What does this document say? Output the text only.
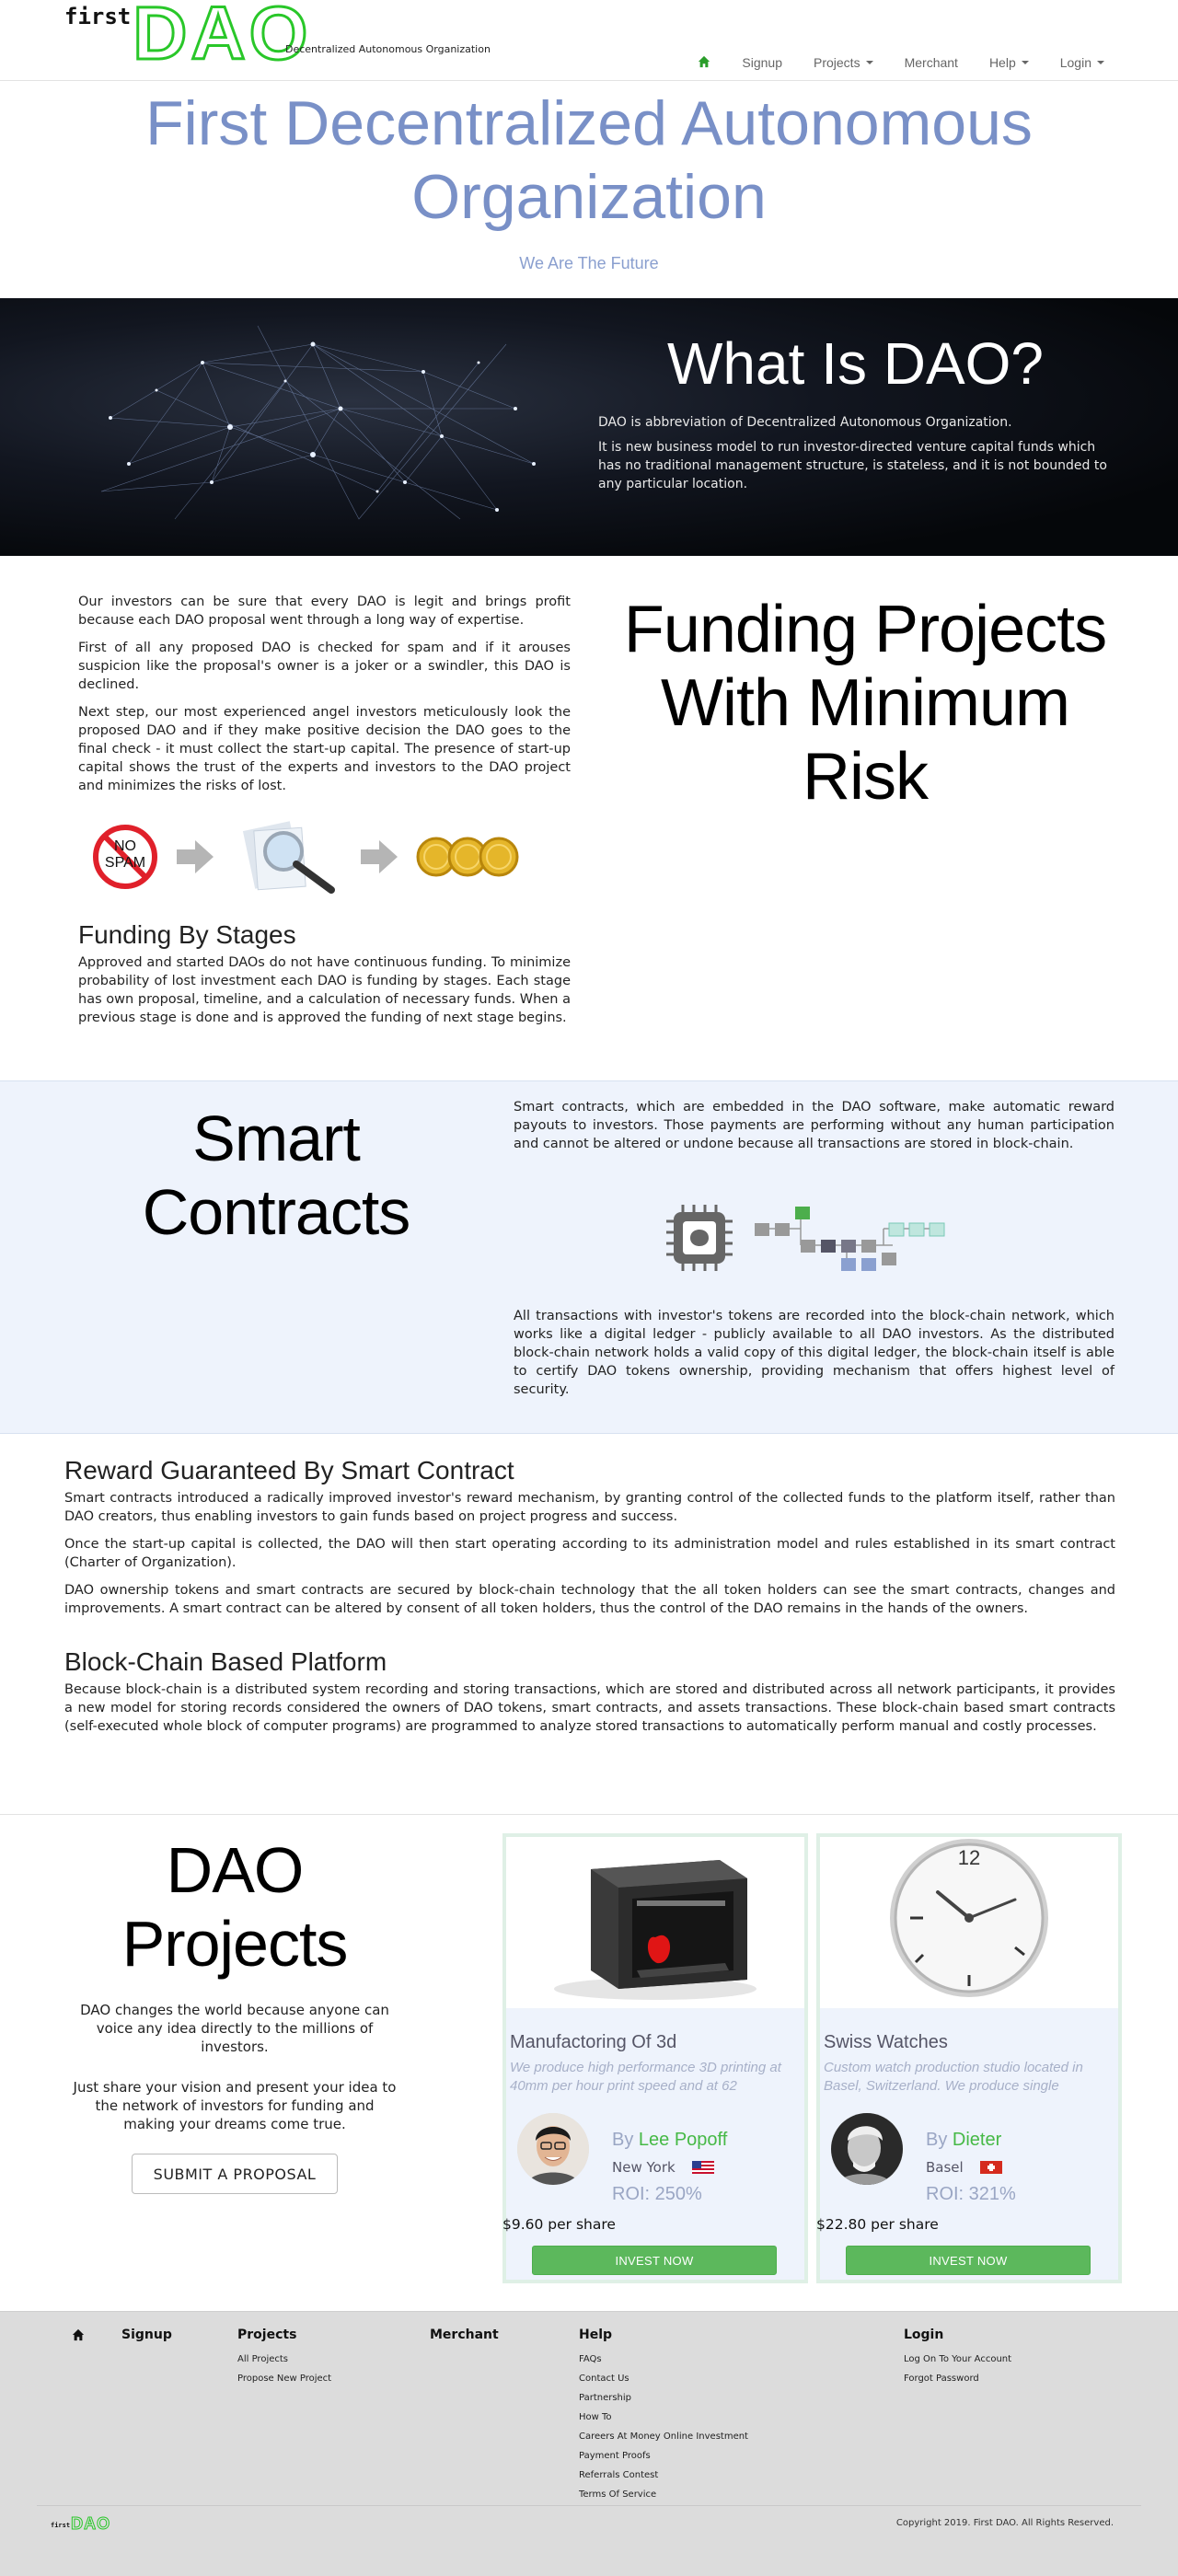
first DAO
Decentralized Autonomous Organization
Signup Projects	Merchant Help	Login
First Decentralized Autonomous Organization
We Are The Future
What Is DAO?

DAO is abbreviation of Decentralized Autonomous Organization.

It is new business model to run investor-directed venture capital funds which has no traditional management structure, is stateless, and it is not bounded to any particular location.

Our investors can be sure that every DAO is legit and brings profit because each DAO proposal went through a long way of expertise.

First of all any proposed DAO is checked for spam and if it arouses suspicion like the proposal's owner is a joker or a swindler, this DAO is declined.

Next step, our most experienced angel investors meticulously look the proposed DAO and if they make positive decision the DAO goes to the final check - it must collect the start-up capital. The presence of start-up capital shows the trust of the experts and investors to the DAO project and minimizes the risks of lost.

NO SPAM
Funding By Stages

Approved and started DAOs do not have continuous funding. To minimize probability of lost investment each DAO is funding by stages. Each stage has own proposal, timeline, and a calculation of necessary funds. When a previous stage is done and is approved the funding of next stage begins.

Funding Projects With Minimum Risk
Smart Contracts

Smart contracts, which are embedded in the DAO software, make automatic reward payouts to investors. Those payments are performing without any human participation and cannot be altered or undone because all transactions are stored in block-chain.

All transactions with investor's tokens are recorded into the block-chain network, which works like a digital ledger - publicly available to all DAO investors. As the distributed block-chain network holds a valid copy of this digital ledger, the block-chain itself is able to certify DAO tokens ownership, providing mechanism that offers highest level of security.

Reward Guaranteed By Smart Contract

Smart contracts introduced a radically improved investor's reward mechanism, by granting control of the collected funds to the platform itself, rather than DAO creators, thus enabling investors to gain funds based on project progress and success.

Once the start-up capital is collected, the DAO will then start operating according to its administration model and rules established in its smart contract (Charter of Organization).

DAO ownership tokens and smart contracts are secured by block-chain technology that the all token holders can see the smart contracts, changes and improvements. A smart contract can be altered by consent of all token holders, thus the control of the DAO remains in the hands of the owners.

Block-Chain Based Platform

Because block-chain is a distributed system recording and storing transactions, which are stored and distributed across all network participants, it provides a new model for storing records considered the owners of DAO tokens, smart contracts, and assets transactions. These block-chain based smart contracts (self-executed whole block of computer programs) are programmed to analyze stored transactions to automatically perform manual and costly processes.

DAO Projects

DAO changes the world because anyone can voice any idea directly to the millions of investors.

Just share your vision and present your idea to the network of investors for funding and making your dreams come true.

SUBMIT A PROPOSAL
Manufactoring Of 3d
We produce high performance 3D printing at 40mm per hour print speed and at 62
By Lee Popoff
New York
ROI: 250%
$9.60 per share
INVEST NOW
12
Swiss Watches
Custom watch production studio located in Basel, Switzerland. We produce single
By Dieter
Basel
ROI: 321%
$22.80 per share
INVEST NOW
Signup	Projects
All Projects
Propose New Project
Merchant	Help
FAQs
Contact Us
Partnership
How To
Careers At Money Online Investment
Payment Proofs
Referrals Contest
Terms Of Service
Login
Log On To Your Account
Forgot Password
first DAO	Copyright 2019. First DAO. All Rights Reserved.
